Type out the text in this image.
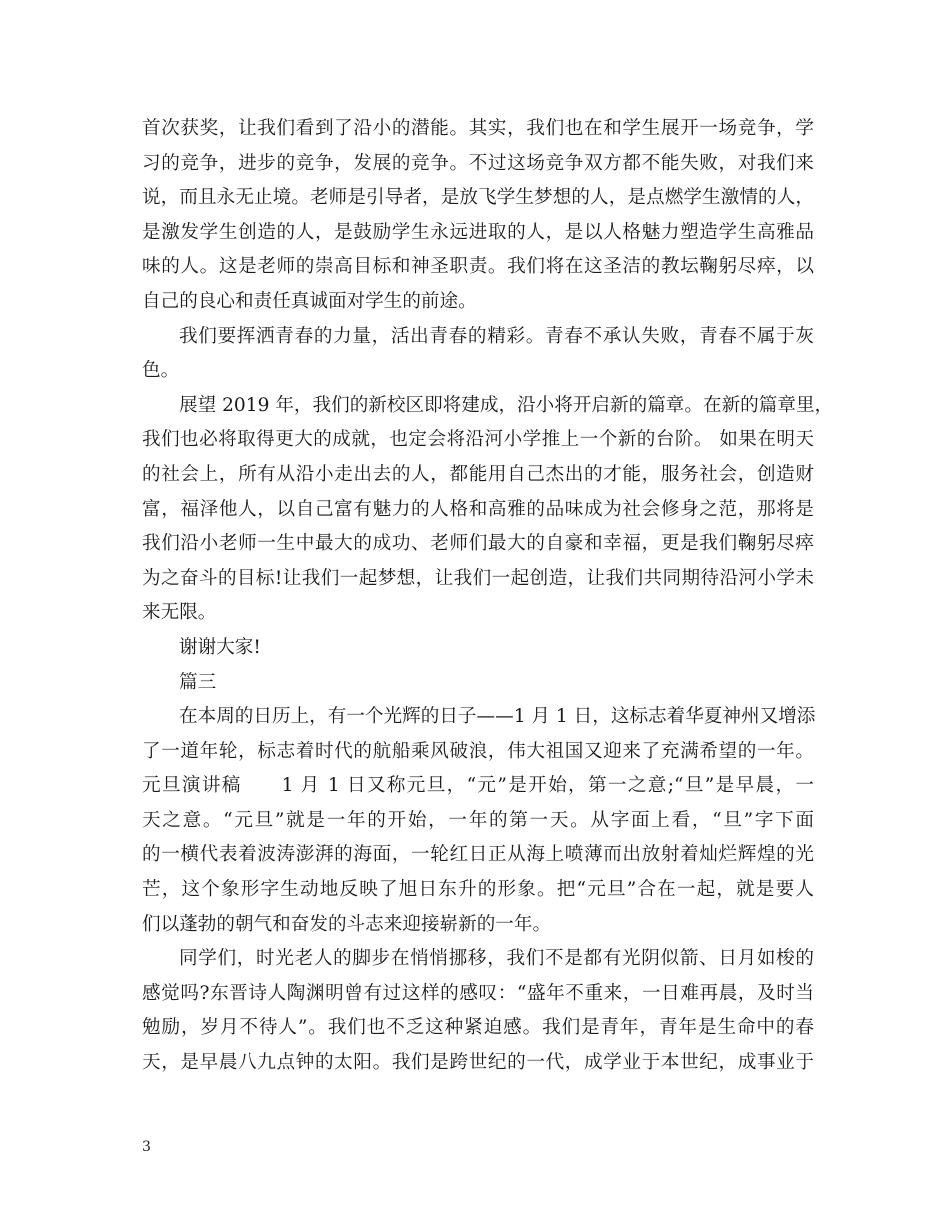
首次获奖，让我们看到了沿小的潜能。其实，我们也在和学生展开一场竞争，学
习的竞争，进步的竞争，发展的竞争。不过这场竞争双方都不能失败，对我们来
说，而且永无止境。老师是引导者，是放飞学生梦想的人，是点燃学生激情的人，
是激发学生创造的人，是鼓励学生永远进取的人，是以人格魅力塑造学生高雅品
味的人。这是老师的崇高目标和神圣职责。我们将在这圣洁的教坛鞠躬尽瘁，以
自己的良心和责任真诚面对学生的前途。
我们要挥洒青春的力量，活出青春的精彩。青春不承认失败，青春不属于灰
色。
展望 2019 年，我们的新校区即将建成，沿小将开启新的篇章。在新的篇章里，
我们也必将取得更大的成就，也定会将沿河小学推上一个新的台阶。 如果在明天
的社会上，所有从沿小走出去的人，都能用自己杰出的才能，服务社会，创造财
富，福泽他人，以自己富有魅力的人格和高雅的品味成为社会修身之范，那将是
我们沿小老师一生中最大的成功、老师们最大的自豪和幸福，更是我们鞠躬尽瘁
为之奋斗的目标!让我们一起梦想，让我们一起创造，让我们共同期待沿河小学未
来无限。
谢谢大家!
篇三
在本周的日历上，有一个光辉的日子——1 月 1 日，这标志着华夏神州又增添
了一道年轮，标志着时代的航船乘风破浪，伟大祖国又迎来了充满希望的一年。
元旦演讲稿　　1 月 1 日又称元旦，“元”是开始，第一之意;“旦”是早晨，一
天之意。“元旦”就是一年的开始，一年的第一天。从字面上看，“旦”字下面
的一横代表着波涛澎湃的海面，一轮红日正从海上喷薄而出放射着灿烂辉煌的光
芒，这个象形字生动地反映了旭日东升的形象。把“元旦”合在一起，就是要人
们以蓬勃的朝气和奋发的斗志来迎接崭新的一年。
同学们，时光老人的脚步在悄悄挪移，我们不是都有光阴似箭、日月如梭的
感觉吗?东晋诗人陶渊明曾有过这样的感叹：“盛年不重来，一日难再晨，及时当
勉励，岁月不待人”。我们也不乏这种紧迫感。我们是青年，青年是生命中的春
天，是早晨八九点钟的太阳。我们是跨世纪的一代，成学业于本世纪，成事业于
3
